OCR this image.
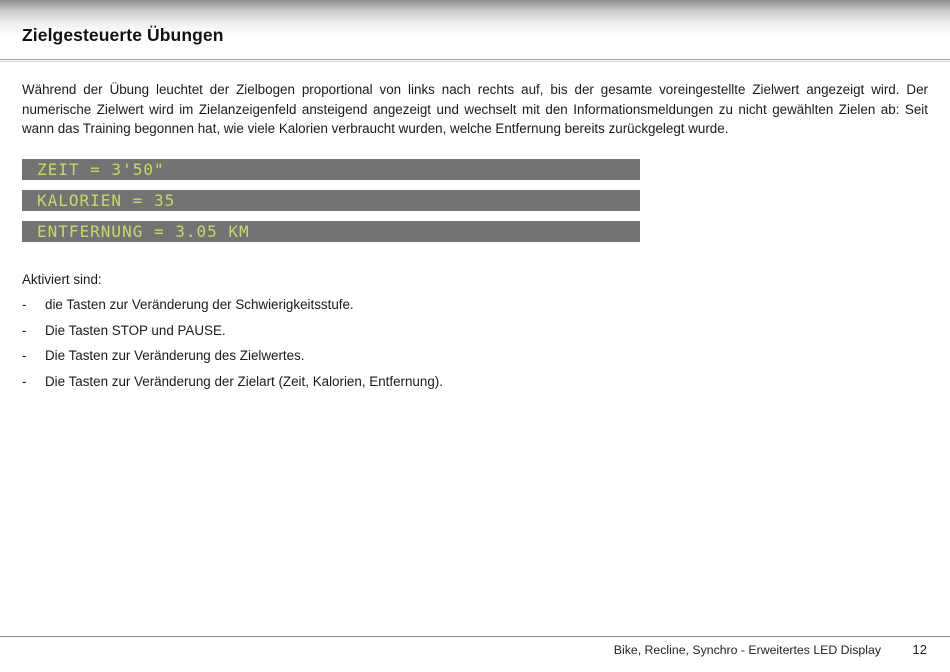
Zielgesteuerte Übungen

Während der Übung leuchtet der Zielbogen proportional von links nach rechts auf, bis der gesamte voreingestellte Zielwert angezeigt wird. Der numerische Zielwert wird im Zielanzeigenfeld ansteigend angezeigt und wechselt mit den Informationsmeldungen zu nicht gewählten Zielen ab: Seit wann das Training begonnen hat, wie viele Kalorien verbraucht wurden, welche Entfernung bereits zurückgelegt wurde.

ZEIT = 3'50"
KALORIEN = 35
ENTFERNUNG = 3.05 KM

Aktiviert sind:

- die Tasten zur Veränderung der Schwierigkeitsstufe.
- Die Tasten STOP und PAUSE.
- Die Tasten zur Veränderung des Zielwertes.
- Die Tasten zur Veränderung der Zielart (Zeit, Kalorien, Entfernung).
Bike, Recline, Synchro - Erweitertes LED Display 12
